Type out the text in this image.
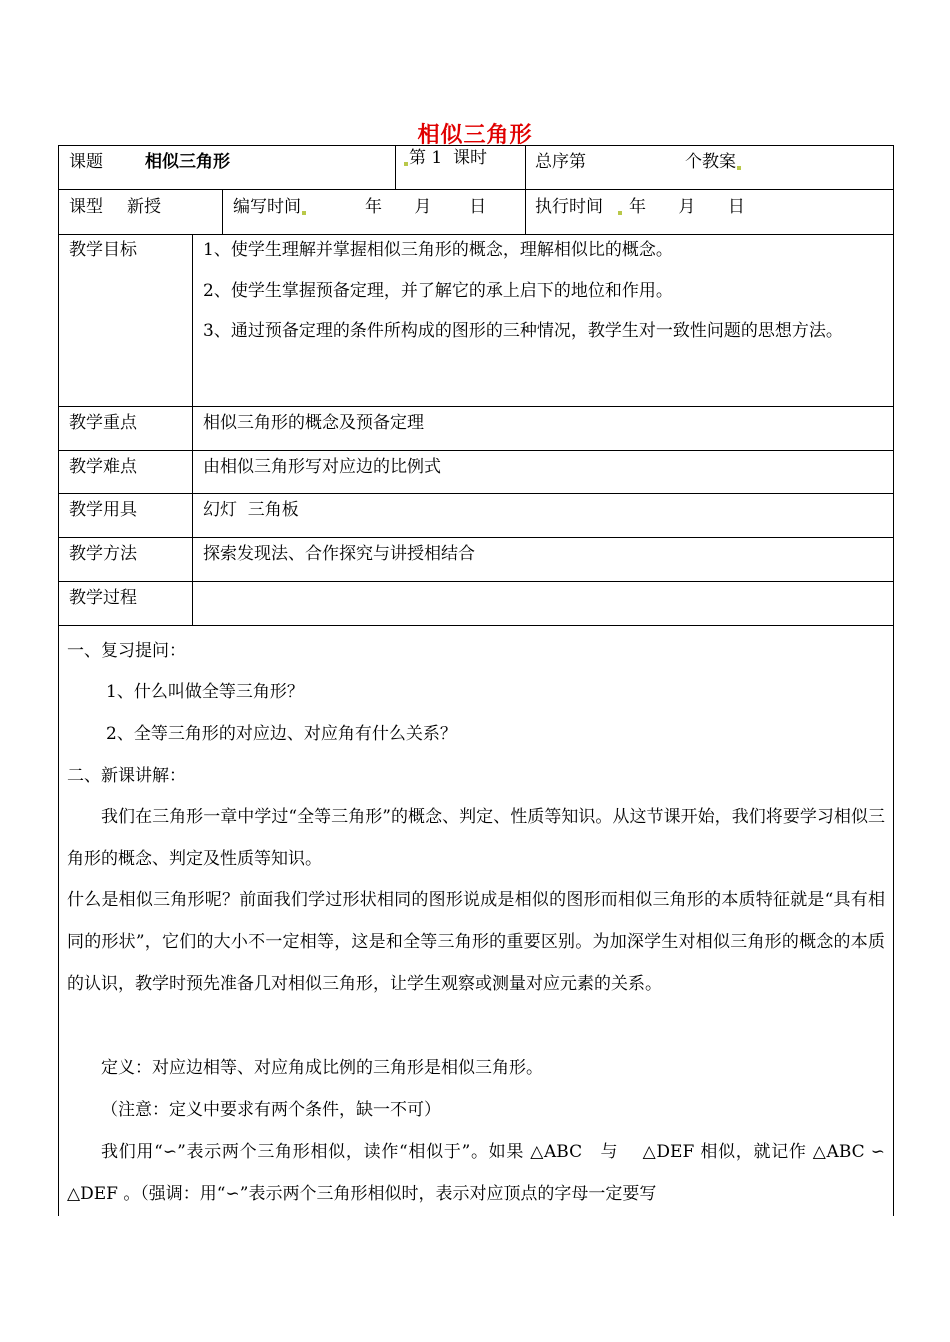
相似三角形
课题 相似三角形	第 1  课时	总序第	个教案
课型 新授	编写时间	年      月       日	执行时间 年      月      日
教学目标	1、使学生理解并掌握相似三角形的概念，理解相似比的概念。
2、使学生掌握预备定理，并了解它的承上启下的地位和作用。
3、通过预备定理的条件所构成的图形的三种情况，教学生对一致性问题的思想方法。
教学重点	相似三角形的概念及预备定理
教学难点	由相似三角形写对应边的比例式
教学用具	幻灯  三角板
教学方法	探索发现法、合作探究与讲授相结合
教学过程
一、复习提问：
1、什么叫做全等三角形？
2、全等三角形的对应边、对应角有什么关系？
二、新课讲解：
我们在三角形一章中学过“全等三角形”的概念、判定、性质等知识。从这节课开始，我们将要学习相似三角形的概念、判定及性质等知识。
什么是相似三角形呢？前面我们学过形状相同的图形说成是相似的图形而相似三角形的本质特征就是“具有相同的形状”，它们的大小不一定相等，这是和全等三角形的重要区别。为加深学生对相似三角形的概念的本质的认识，教学时预先准备几对相似三角形，让学生观察或测量对应元素的关系。
定义：对应边相等、对应角成比例的三角形是相似三角形。
（注意：定义中要求有两个条件，缺一不可）
我们用“∽”表示两个三角形相似，读作“相似于”。如果 △ABC   与    △DEF 相似，就记作 △ABC ∽ △DEF 。（强调：用“∽”表示两个三角形相似时，表示对应顶点的字母一定要写
